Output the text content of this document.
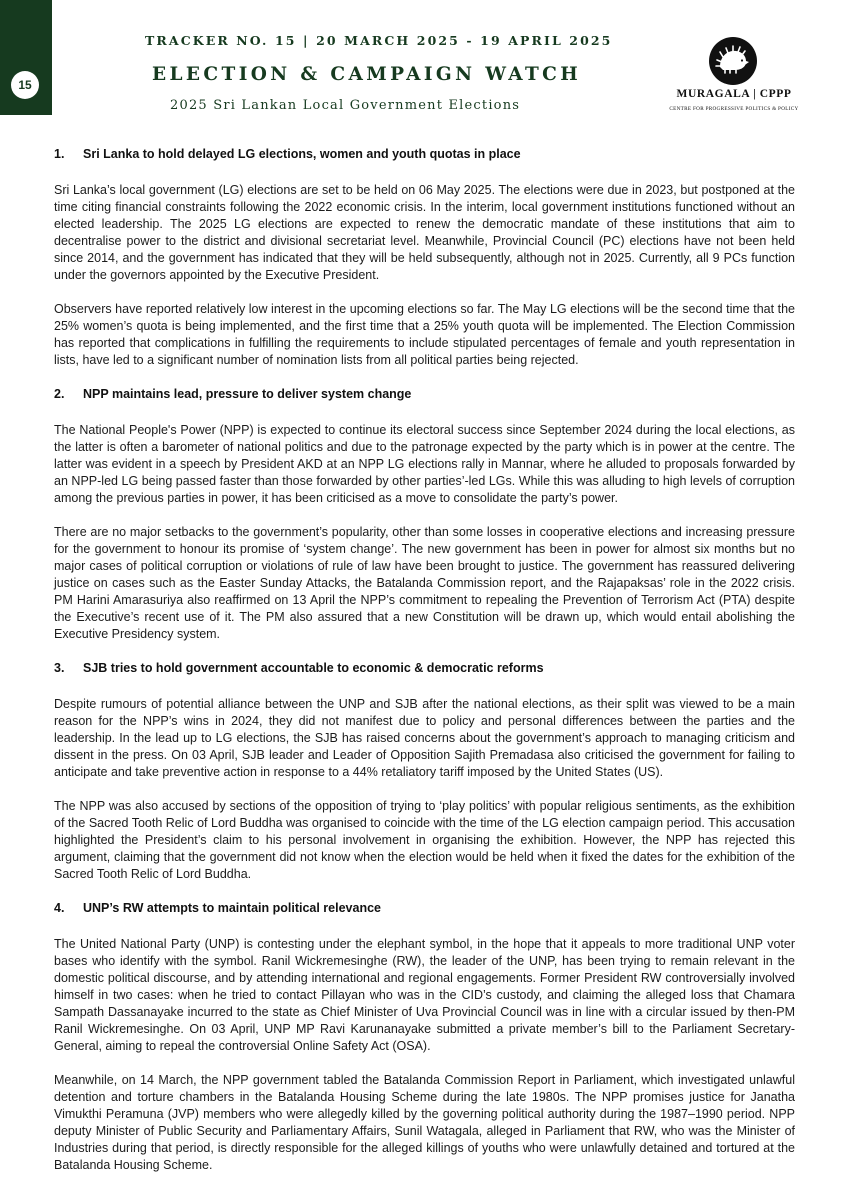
15
TRACKER NO. 15 | 20 MARCH 2025 - 19 APRIL 2025
ELECTION & CAMPAIGN WATCH
2025 Sri Lankan Local Government Elections
MURAGALA | CPPP
CENTRE FOR PROGRESSIVE POLITICS & POLICY
1.	Sri Lanka to hold delayed LG elections, women and youth quotas in place

Sri Lanka’s local government (LG) elections are set to be held on 06 May 2025. The elections were due in 2023, but postponed at the time citing financial constraints following the 2022 economic crisis. In the interim, local government institutions functioned without an elected leadership. The 2025 LG elections are expected to renew the democratic mandate of these institutions that aim to decentralise power to the district and divisional secretariat level. Meanwhile, Provincial Council (PC) elections have not been held since 2014, and the government has indicated that they will be held subsequently, although not in 2025. Currently, all 9 PCs function under the governors appointed by the Executive President.

Observers have reported relatively low interest in the upcoming elections so far. The May LG elections will be the second time that the 25% women’s quota is being implemented, and the first time that a 25% youth quota will be implemented. The Election Commission has reported that complications in fulfilling the requirements to include stipulated percentages of female and youth representation in lists, have led to a significant number of nomination lists from all political parties being rejected.

2.	NPP maintains lead, pressure to deliver system change

The National People's Power (NPP) is expected to continue its electoral success since September 2024 during the local elections, as the latter is often a barometer of national politics and due to the patronage expected by the party which is in power at the centre. The latter was evident in a speech by President AKD at an NPP LG elections rally in Mannar, where he alluded to proposals forwarded by an NPP-led LG being passed faster than those forwarded by other parties’-led LGs. While this was alluding to high levels of corruption among the previous parties in power, it has been criticised as a move to consolidate the party’s power.

There are no major setbacks to the government’s popularity, other than some losses in cooperative elections and increasing pressure for the government to honour its promise of ‘system change’. The new government has been in power for almost six months but no major cases of political corruption or violations of rule of law have been brought to justice. The government has reassured delivering justice on cases such as the Easter Sunday Attacks, the Batalanda Commission report, and the Rajapaksas’ role in the 2022 crisis. PM Harini Amarasuriya also reaffirmed on 13 April the NPP’s commitment to repealing the Prevention of Terrorism Act (PTA) despite the Executive’s recent use of it. The PM also assured that a new Constitution will be drawn up, which would entail abolishing the Executive Presidency system.

3.	SJB tries to hold government accountable to economic & democratic reforms

Despite rumours of potential alliance between the UNP and SJB after the national elections, as their split was viewed to be a main reason for the NPP’s wins in 2024, they did not manifest due to policy and personal differences between the parties and the leadership. In the lead up to LG elections, the SJB has raised concerns about the government’s approach to managing criticism and dissent in the press. On 03 April, SJB leader and Leader of Opposition Sajith Premadasa also criticised the government for failing to anticipate and take preventive action in response to a 44% retaliatory tariff imposed by the United States (US).

The NPP was also accused by sections of the opposition of trying to ‘play politics’ with popular religious sentiments, as the exhibition of the Sacred Tooth Relic of Lord Buddha was organised to coincide with the time of the LG election campaign period. This accusation highlighted the President’s claim to his personal involvement in organising the exhibition. However, the NPP has rejected this argument, claiming that the government did not know when the election would be held when it fixed the dates for the exhibition of the Sacred Tooth Relic of Lord Buddha.

4.	UNP’s RW attempts to maintain political relevance

The United National Party (UNP) is contesting under the elephant symbol, in the hope that it appeals to more traditional UNP voter bases who identify with the symbol. Ranil Wickremesinghe (RW), the leader of the UNP, has been trying to remain relevant in the domestic political discourse, and by attending international and regional engagements. Former President RW controversially involved himself in two cases: when he tried to contact Pillayan who was in the CID’s custody, and claiming the alleged loss that Chamara Sampath Dassanayake incurred to the state as Chief Minister of Uva Provincial Council was in line with a circular issued by then-PM Ranil Wickremesinghe. On 03 April, UNP MP Ravi Karunanayake submitted a private member’s bill to the Parliament Secretary-General, aiming to repeal the controversial Online Safety Act (OSA).

Meanwhile, on 14 March, the NPP government tabled the Batalanda Commission Report in Parliament, which investigated unlawful detention and torture chambers in the Batalanda Housing Scheme during the late 1980s. The NPP promises justice for Janatha Vimukthi Peramuna (JVP) members who were allegedly killed by the governing political authority during the 1987–1990 period. NPP deputy Minister of Public Security and Parliamentary Affairs, Sunil Watagala, alleged in Parliament that RW, who was the Minister of Industries during that period, is directly responsible for the alleged killings of youths who were unlawfully detained and tortured at the Batalanda Housing Scheme.
